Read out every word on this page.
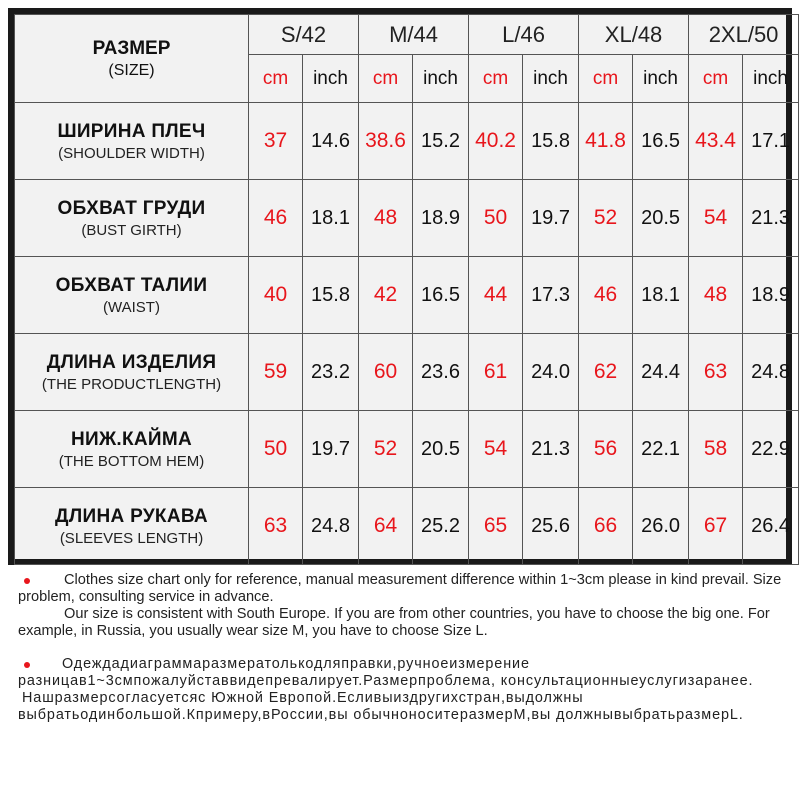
РАЗМЕР
(SIZE)	S/42		M/44		L/46		XL/48		2XL/50	
	cm	inch	cm	inch	cm	inch	cm	inch	cm	inch

ШИРИНА ПЛЕЧ
(SHOULDER WIDTH)	37	14.6	38.6	15.2	40.2	15.8	41.8	16.5	43.4	17.1

ОБХВАТ ГРУДИ
(BUST GIRTH)	46	18.1	48	18.9	50	19.7	52	20.5	54	21.3

ОБХВАТ ТАЛИИ
(WAIST)	40	15.8	42	16.5	44	17.3	46	18.1	48	18.9

ДЛИНА ИЗДЕЛИЯ
(THE PRODUCTLENGTH)	59	23.2	60	23.6	61	24.0	62	24.4	63	24.8

НИЖ.КАЙМА
(THE BOTTOM HEM)	50	19.7	52	20.5	54	21.3	56	22.1	58	22.9

ДЛИНА РУКАВА
(SLEEVES LENGTH)	63	24.8	64	25.2	65	25.6	66	26.0	67	26.4

Clothes size chart only for reference, manual measurement difference within 1~3cm please in kind prevail. Size problem, consulting service in advance.

Our size is consistent with South Europe. If you are from other countries, you have to choose the big one. For example, in Russia, you usually wear size M, you have to choose Size L.

Одеждадиаграммаразмератолькодляправки,ручноеизмерение разницав1~3смпожалуйставвидепревалирует.Размерпроблема, консультационныеуслугизаранее.

Нашразмерсогласуетсяс Южной Европой.Есливыиздругихстран,выдолжны выбратьодинбольшой.Кпримеру,вРоссии,вы обычноноситеразмерМ,вы должнывыбратьразмерL.
